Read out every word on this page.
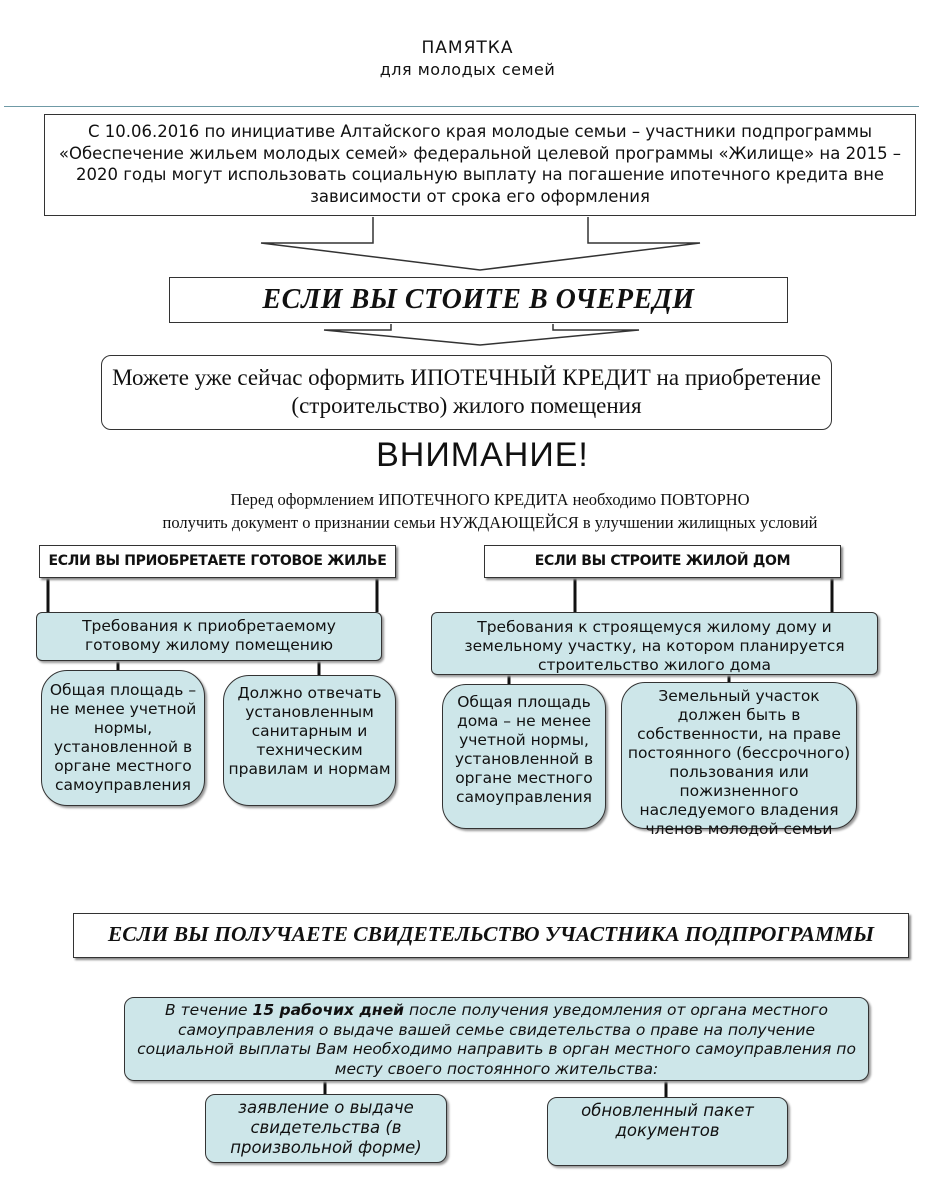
ПАМЯТКА
для молодых семей
С 10.06.2016 по инициативе Алтайского края молодые семьи – участники подпрограммы «Обеспечение жильем молодых семей» федеральной целевой программы «Жилище» на 2015 – 2020 годы могут использовать социальную выплату на погашение ипотечного кредита вне зависимости от срока его оформления
ЕСЛИ ВЫ СТОИТЕ В ОЧЕРЕДИ
Можете уже сейчас оформить ИПОТЕЧНЫЙ КРЕДИТ на приобретение (строительство) жилого помещения
ВНИМАНИЕ!
Перед оформлением ИПОТЕЧНОГО КРЕДИТА необходимо ПОВТОРНО
получить документ о признании семьи НУЖДАЮЩЕЙСЯ в улучшении жилищных условий
ЕСЛИ ВЫ ПРИОБРЕТАЕТЕ ГОТОВОЕ ЖИЛЬЕ	ЕСЛИ ВЫ СТРОИТЕ ЖИЛОЙ ДОМ
Требования к приобретаемому готовому жилому помещению
Требования к строящемуся жилому дому и земельному участку, на котором планируется строительство жилого дома
Общая площадь – не менее учетной нормы, установленной в органе местного самоуправления
Должно отвечать установленным санитарным и техническим правилам и нормам
Общая площадь дома – не менее учетной нормы, установленной в органе местного самоуправления
Земельный участок должен быть в собственности, на праве постоянного (бессрочного) пользования или пожизненного наследуемого владения членов молодой семьи
ЕСЛИ ВЫ ПОЛУЧАЕТЕ СВИДЕТЕЛЬСТВО УЧАСТНИКА ПОДПРОГРАММЫ
В течение 15 рабочих дней после получения уведомления от органа местного самоуправления о выдаче вашей семье свидетельства о праве на получение социальной выплаты Вам необходимо направить в орган местного самоуправления по месту своего постоянного жительства:
заявление о выдаче свидетельства (в произвольной форме)
обновленный пакет документов
